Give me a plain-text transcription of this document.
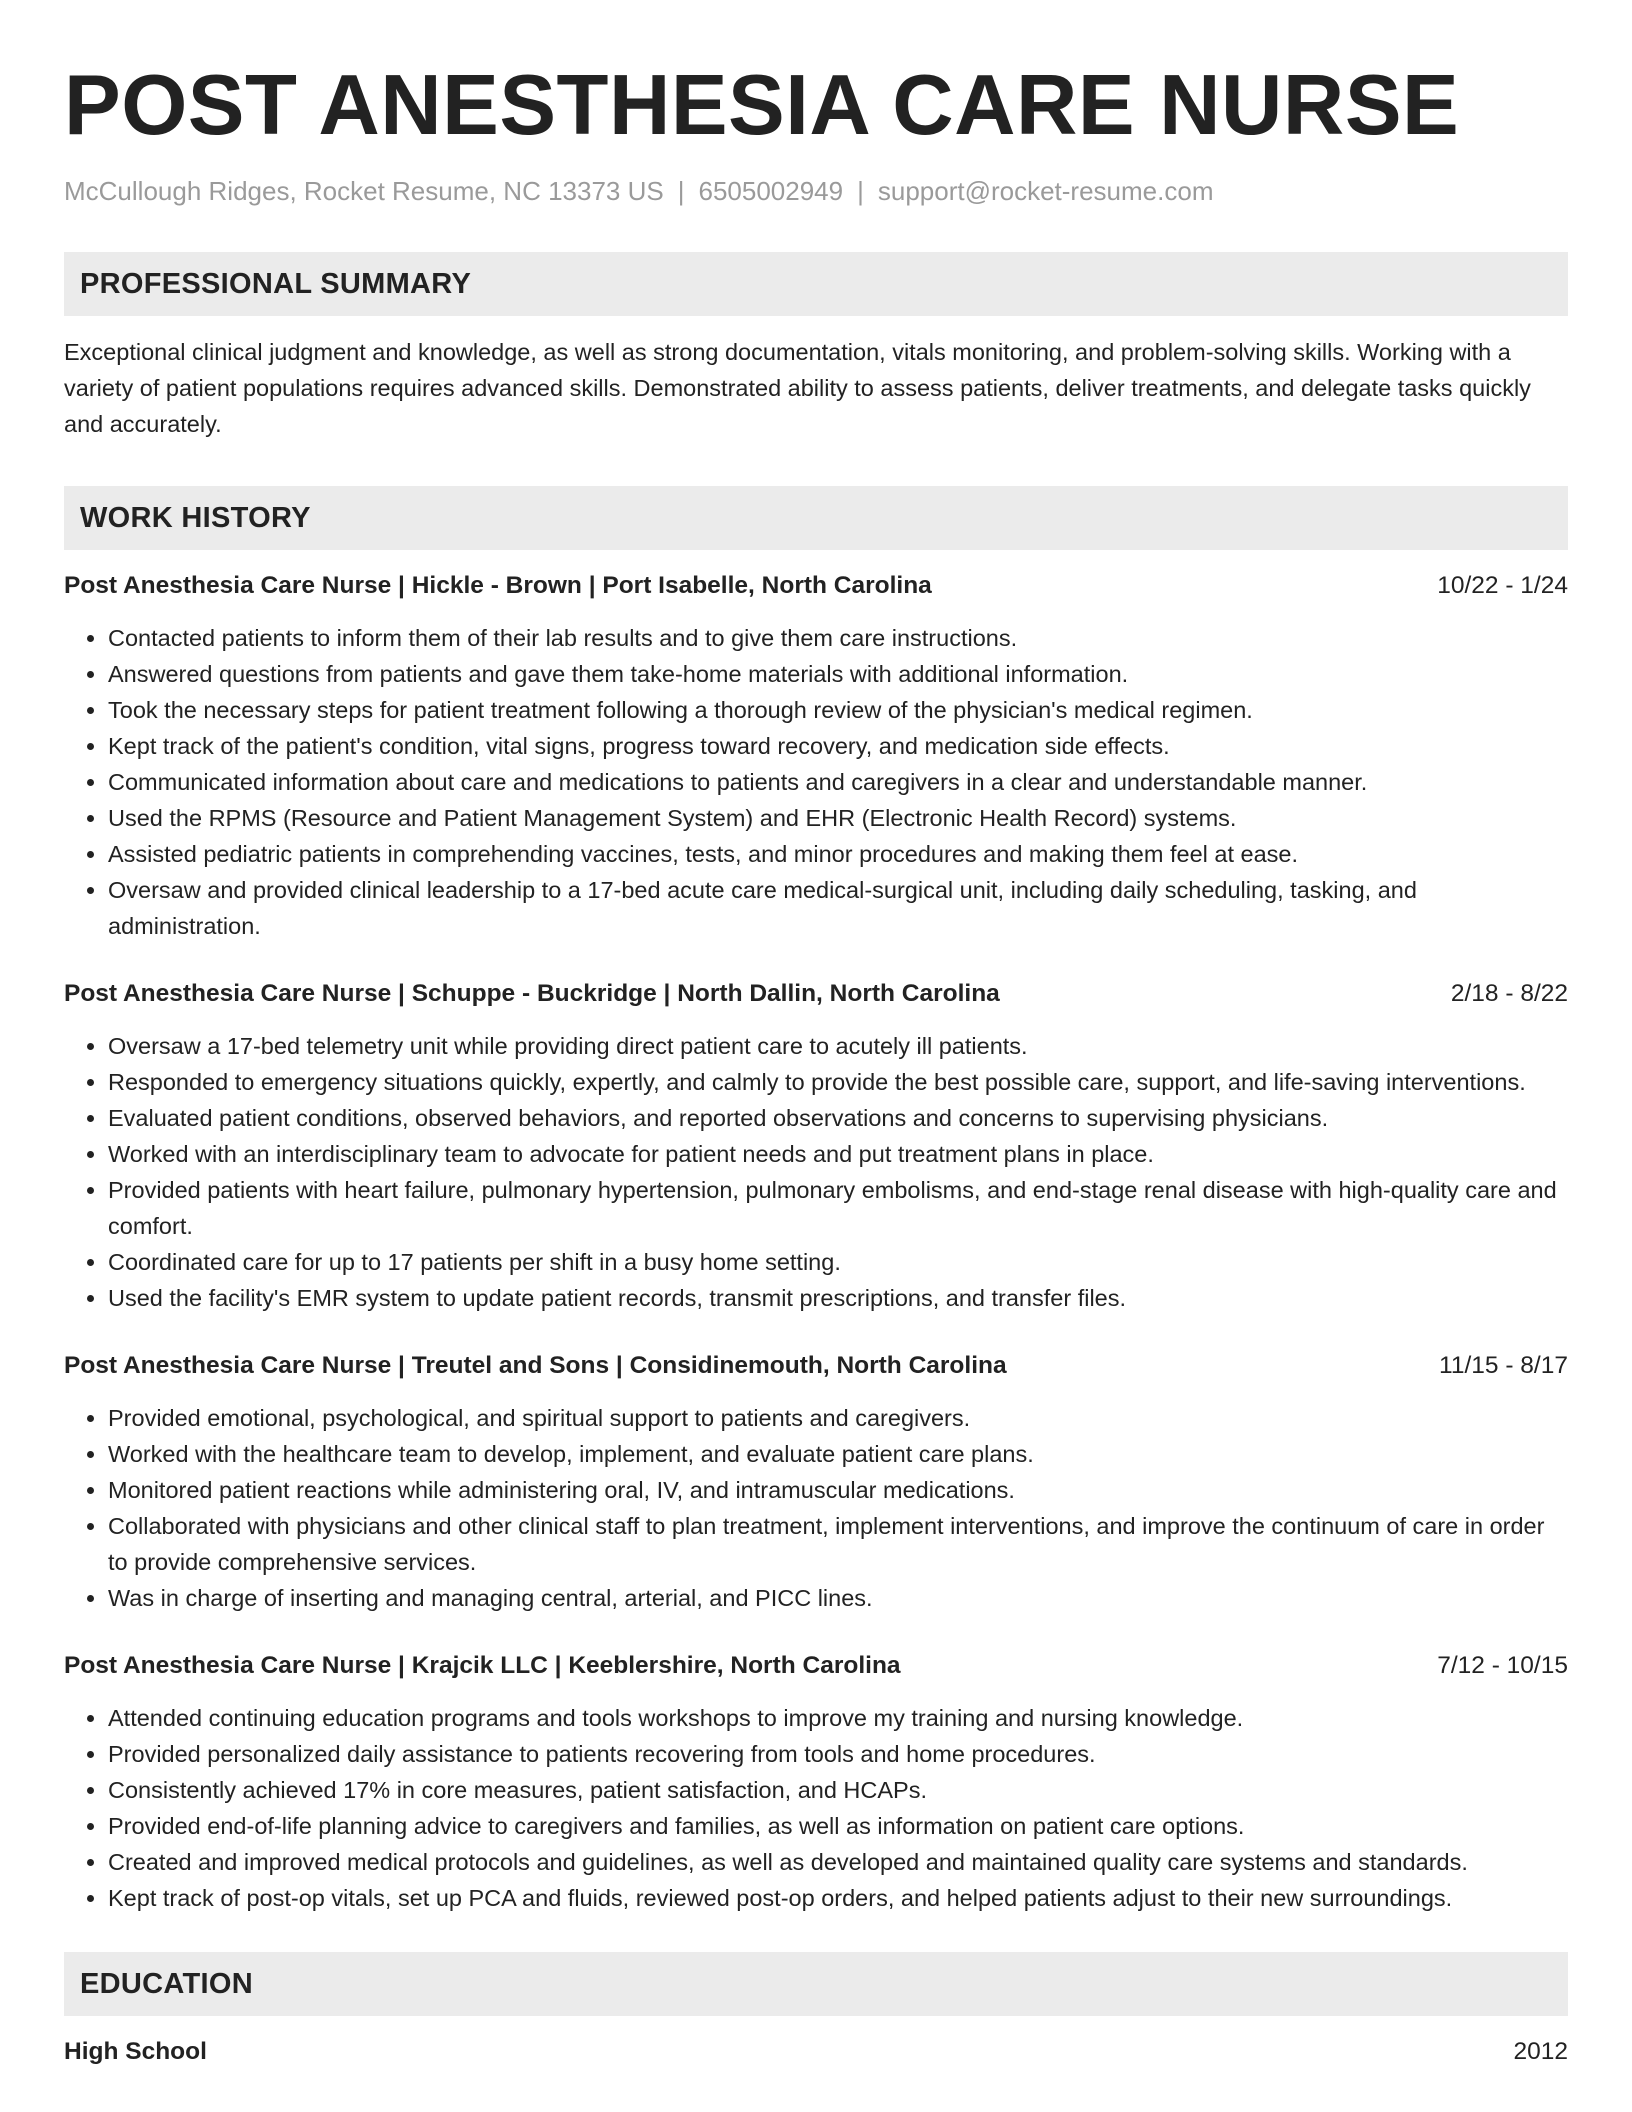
POST ANESTHESIA CARE NURSE
McCullough Ridges, Rocket Resume, NC 13373 US | 6505002949 | support@rocket-resume.com
PROFESSIONAL SUMMARY
Exceptional clinical judgment and knowledge, as well as strong documentation, vitals monitoring, and problem-solving skills. Working with a variety of patient populations requires advanced skills. Demonstrated ability to assess patients, deliver treatments, and delegate tasks quickly and accurately.
WORK HISTORY
Post Anesthesia Care Nurse | Hickle - Brown | Port Isabelle, North Carolina	10/22 - 1/24
• Contacted patients to inform them of their lab results and to give them care instructions.
• Answered questions from patients and gave them take-home materials with additional information.
• Took the necessary steps for patient treatment following a thorough review of the physician's medical regimen.
• Kept track of the patient's condition, vital signs, progress toward recovery, and medication side effects.
• Communicated information about care and medications to patients and caregivers in a clear and understandable manner.
• Used the RPMS (Resource and Patient Management System) and EHR (Electronic Health Record) systems.
• Assisted pediatric patients in comprehending vaccines, tests, and minor procedures and making them feel at ease.
• Oversaw and provided clinical leadership to a 17-bed acute care medical-surgical unit, including daily scheduling, tasking, and administration.
Post Anesthesia Care Nurse | Schuppe - Buckridge | North Dallin, North Carolina	2/18 - 8/22
• Oversaw a 17-bed telemetry unit while providing direct patient care to acutely ill patients.
• Responded to emergency situations quickly, expertly, and calmly to provide the best possible care, support, and life-saving interventions.
• Evaluated patient conditions, observed behaviors, and reported observations and concerns to supervising physicians.
• Worked with an interdisciplinary team to advocate for patient needs and put treatment plans in place.
• Provided patients with heart failure, pulmonary hypertension, pulmonary embolisms, and end-stage renal disease with high-quality care and comfort.
• Coordinated care for up to 17 patients per shift in a busy home setting.
• Used the facility's EMR system to update patient records, transmit prescriptions, and transfer files.
Post Anesthesia Care Nurse | Treutel and Sons | Considinemouth, North Carolina	11/15 - 8/17
• Provided emotional, psychological, and spiritual support to patients and caregivers.
• Worked with the healthcare team to develop, implement, and evaluate patient care plans.
• Monitored patient reactions while administering oral, IV, and intramuscular medications.
• Collaborated with physicians and other clinical staff to plan treatment, implement interventions, and improve the continuum of care in order to provide comprehensive services.
• Was in charge of inserting and managing central, arterial, and PICC lines.
Post Anesthesia Care Nurse | Krajcik LLC | Keeblershire, North Carolina	7/12 - 10/15
• Attended continuing education programs and tools workshops to improve my training and nursing knowledge.
• Provided personalized daily assistance to patients recovering from tools and home procedures.
• Consistently achieved 17% in core measures, patient satisfaction, and HCAPs.
• Provided end-of-life planning advice to caregivers and families, as well as information on patient care options.
• Created and improved medical protocols and guidelines, as well as developed and maintained quality care systems and standards.
• Kept track of post-op vitals, set up PCA and fluids, reviewed post-op orders, and helped patients adjust to their new surroundings.
EDUCATION
High School	2012
